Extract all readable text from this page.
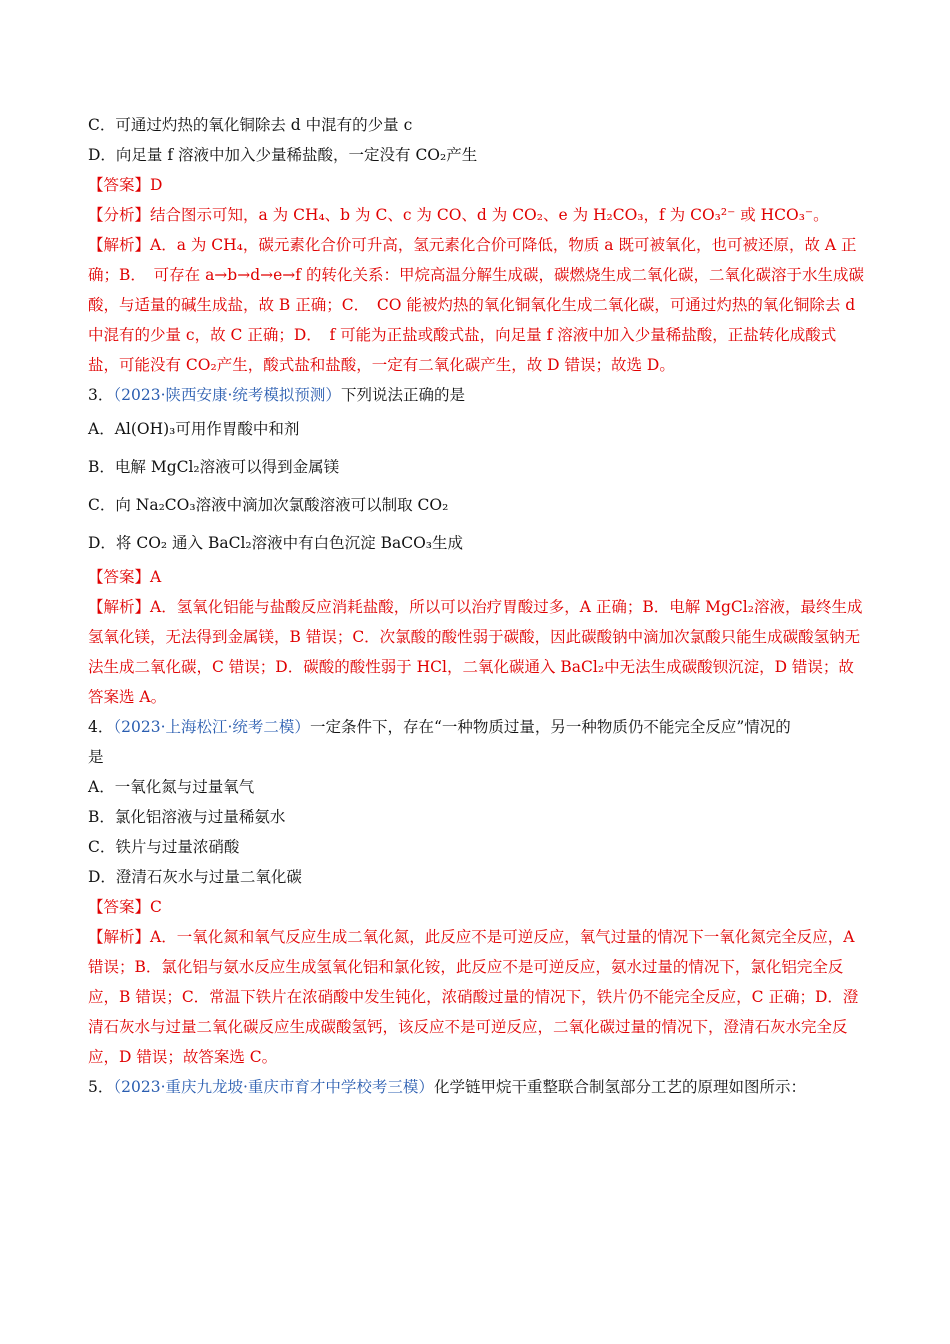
C．可通过灼热的氧化铜除去 d 中混有的少量 c
D．向足量 f 溶液中加入少量稀盐酸，一定没有 CO₂产生
【答案】D
【分析】结合图示可知，a 为 CH₄、b 为 C、c 为 CO、d 为 CO₂、e 为 H₂CO₃，f 为 CO₃²⁻ 或 HCO₃⁻。
【解析】A．a 为 CH₄，碳元素化合价可升高，氢元素化合价可降低，物质 a 既可被氧化，也可被还原，故 A 正确；B．　可存在 a→b→d→e→f 的转化关系：甲烷高温分解生成碳，碳燃烧生成二氧化碳，二氧化碳溶于水生成碳酸，与适量的碱生成盐，故 B 正确；C．　CO 能被灼热的氧化铜氧化生成二氧化碳，可通过灼热的氧化铜除去 d 中混有的少量 c，故 C 正确；D．　f 可能为正盐或酸式盐，向足量 f 溶液中加入少量稀盐酸，正盐转化成酸式盐，可能没有 CO₂产生，酸式盐和盐酸，一定有二氧化碳产生，故 D 错误；故选 D。
3．（2023·陕西安康·统考模拟预测）下列说法正确的是
A．Al(OH)₃可用作胃酸中和剂
B．电解 MgCl₂溶液可以得到金属镁
C．向 Na₂CO₃溶液中滴加次氯酸溶液可以制取 CO₂
D．将 CO₂ 通入 BaCl₂溶液中有白色沉淀 BaCO₃生成
【答案】A
【解析】A．氢氧化铝能与盐酸反应消耗盐酸，所以可以治疗胃酸过多，A 正确；B．电解 MgCl₂溶液，最终生成氢氧化镁，无法得到金属镁，B 错误；C．次氯酸的酸性弱于碳酸，因此碳酸钠中滴加次氯酸只能生成碳酸氢钠无法生成二氧化碳，C 错误；D．碳酸的酸性弱于 HCl，二氧化碳通入 BaCl₂中无法生成碳酸钡沉淀，D 错误；故答案选 A。
4．（2023·上海松江·统考二模）一定条件下，存在“一种物质过量，另一种物质仍不能完全反应”情况的
是
A．一氧化氮与过量氧气
B．氯化铝溶液与过量稀氨水
C．铁片与过量浓硝酸
D．澄清石灰水与过量二氧化碳
【答案】C
【解析】A．一氧化氮和氧气反应生成二氧化氮，此反应不是可逆反应，氧气过量的情况下一氧化氮完全反应，A 错误；B．氯化铝与氨水反应生成氢氧化铝和氯化铵，此反应不是可逆反应，氨水过量的情况下，氯化铝完全反应，B 错误；C．常温下铁片在浓硝酸中发生钝化，浓硝酸过量的情况下，铁片仍不能完全反应，C 正确；D．澄清石灰水与过量二氧化碳反应生成碳酸氢钙，该反应不是可逆反应，二氧化碳过量的情况下，澄清石灰水完全反应，D 错误；故答案选 C。
5．（2023·重庆九龙坡·重庆市育才中学校考三模）化学链甲烷干重整联合制氢部分工艺的原理如图所示：
